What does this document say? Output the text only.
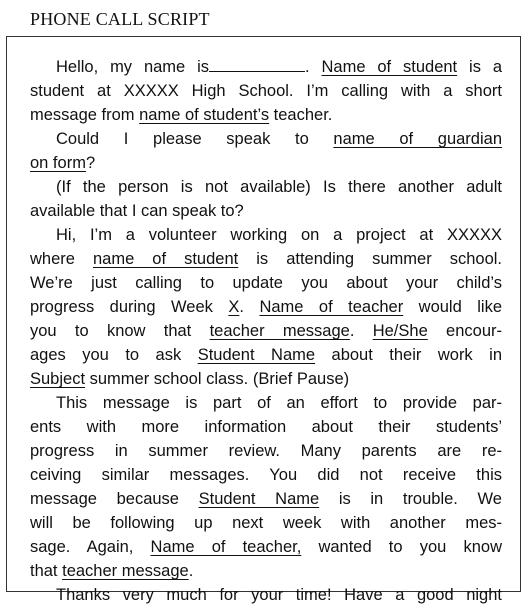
PHONE CALL SCRIPT
Hello, my name is	. Name of student is a
student at XXXXX High School. I’m calling with a short
message from name of student’s teacher.
Could I please speak to name of guardian
on form?
(If the person is not available) Is there another adult
available that I can speak to?
Hi, I’m a volunteer working on a project at XXXXX
where name of student is attending summer school.
We’re just calling to update you about your child’s
progress during Week X. Name of teacher would like
you to know that teacher message. He/She encour-
ages you to ask Student Name about their work in
Subject summer school class. (Brief Pause)
This message is part of an effort to provide par-
ents with more information about their students’
progress in summer review. Many parents are re-
ceiving similar messages. You did not receive this
message because Student Name is in trouble. We
will be following up next week with another mes-
sage. Again, Name of teacher, wanted to you know
that teacher message.
Thanks very much for your time! Have a good night
